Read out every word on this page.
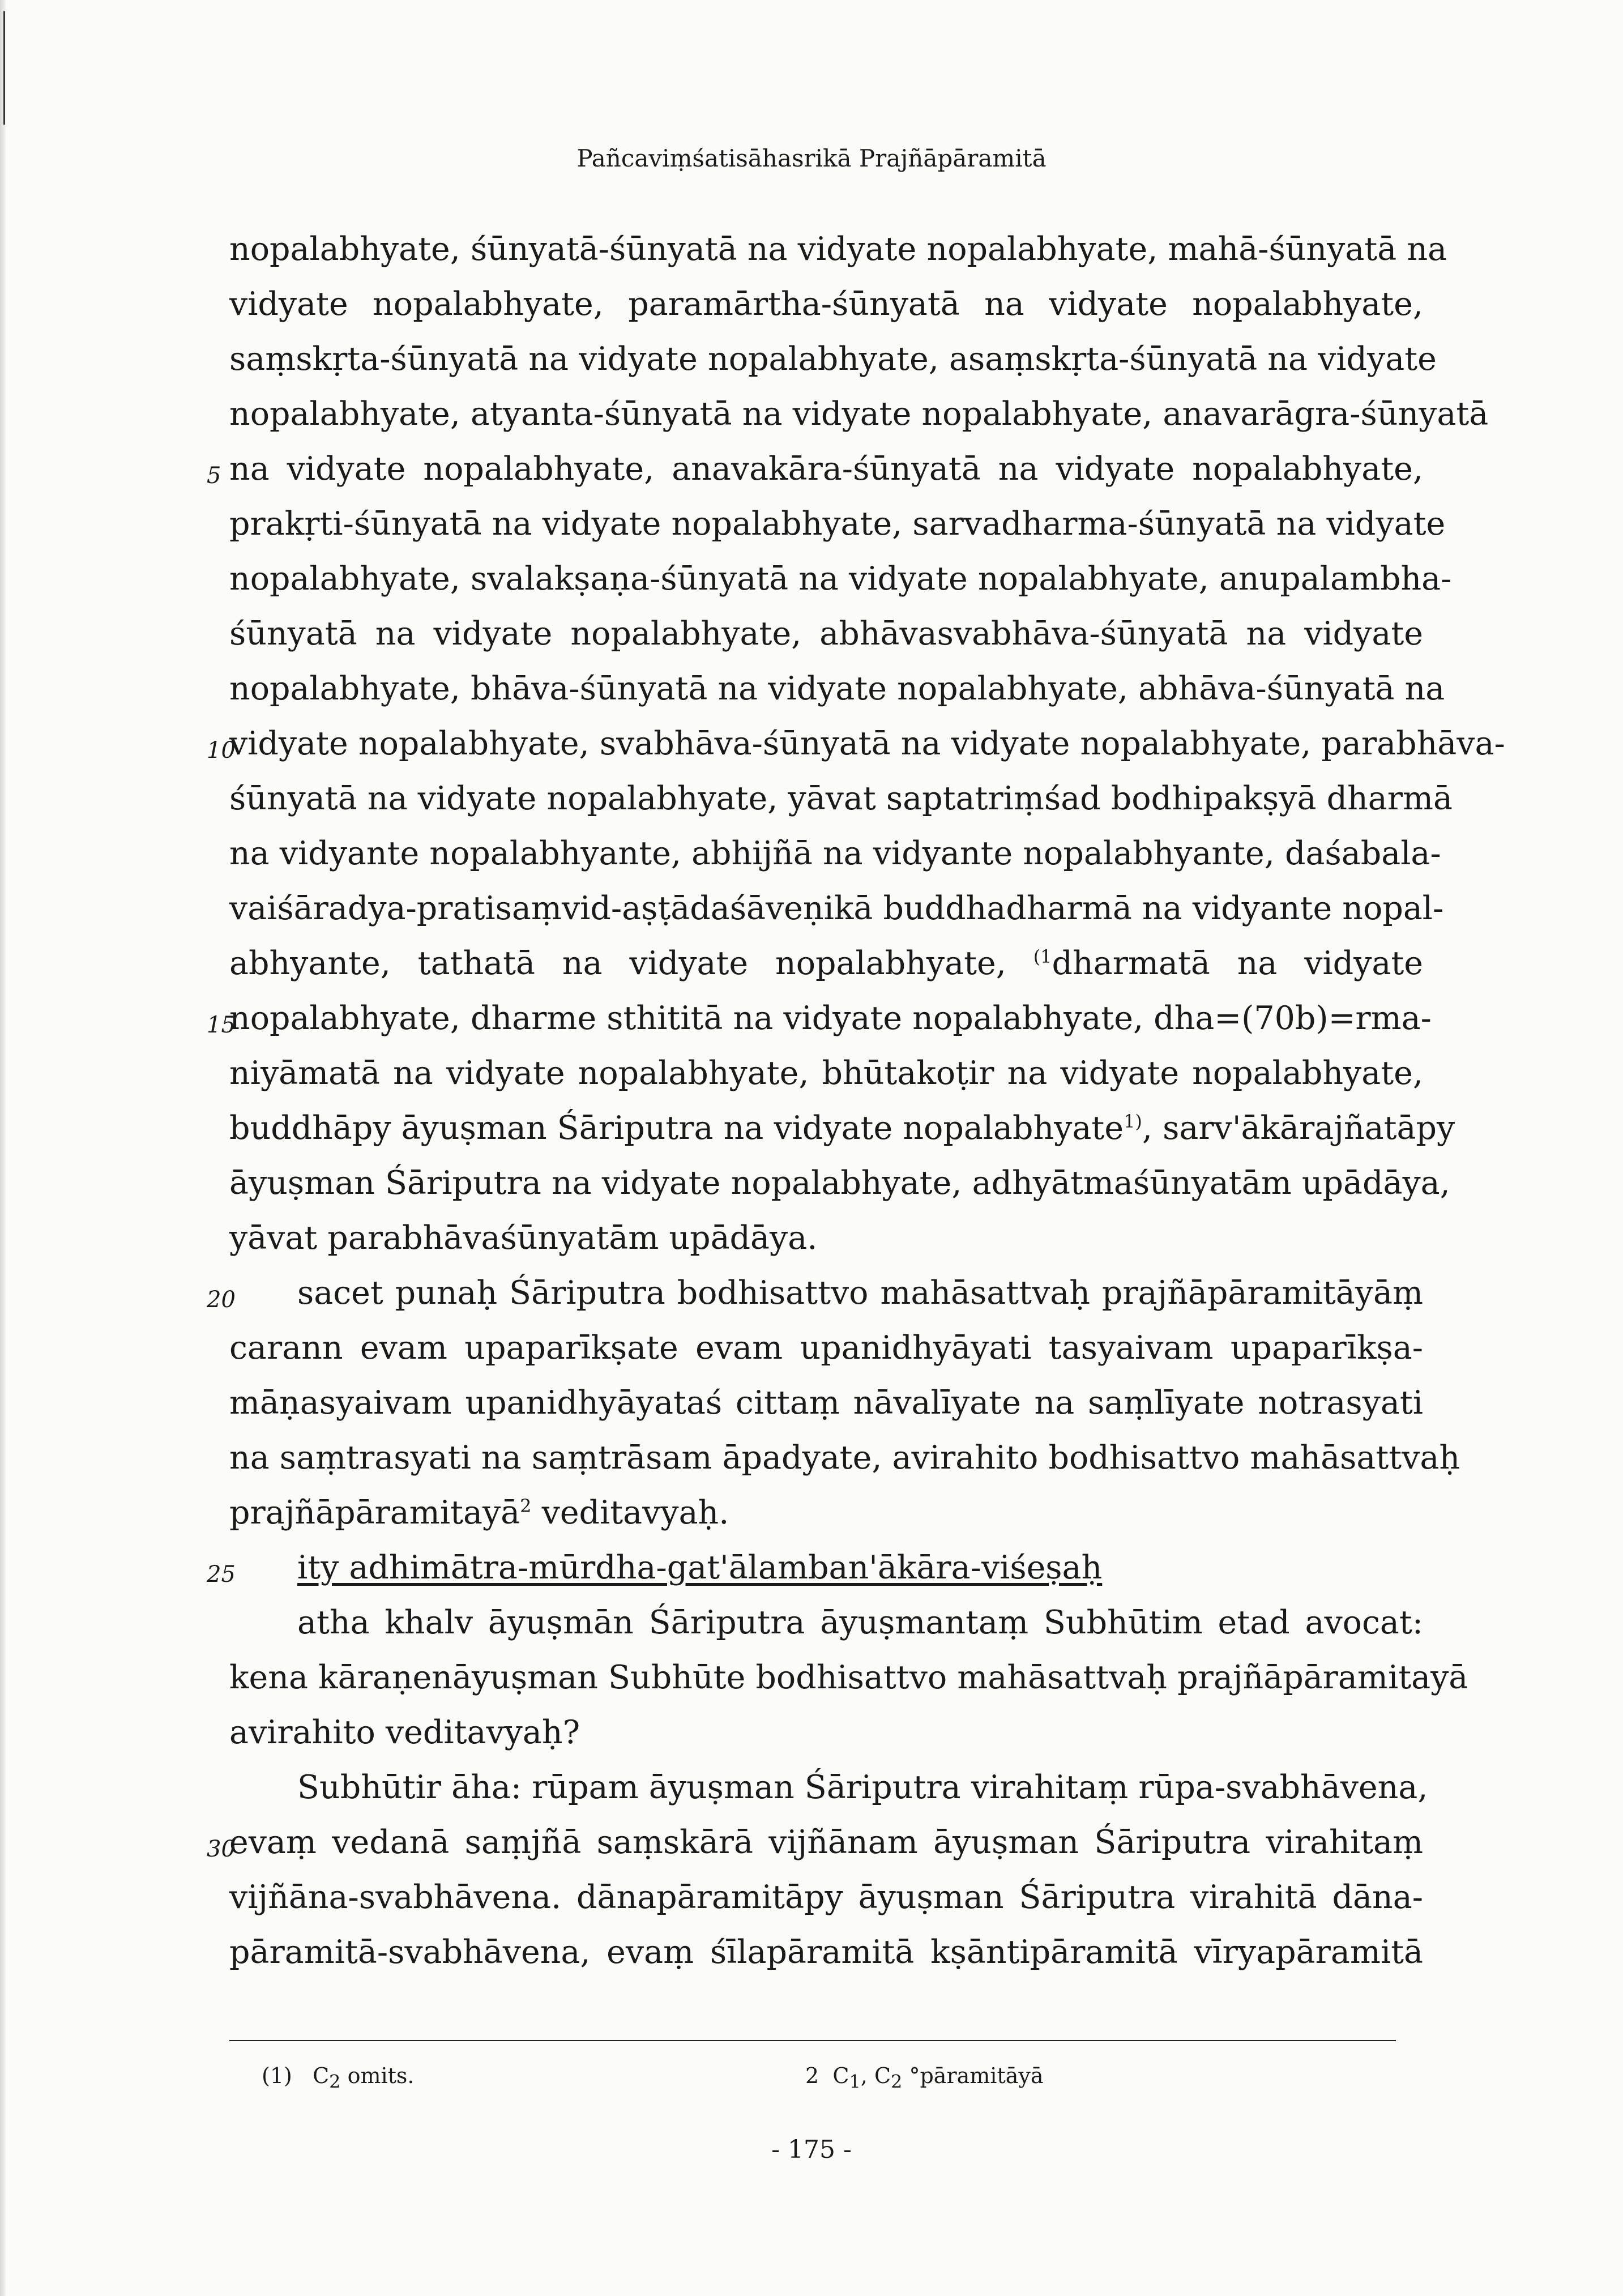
Pañcaviṃśatisāhasrikā Prajñāpāramitā
5
10
15
20
25
30
nopalabhyate, śūnyatā-śūnyatā na vidyate nopalabhyate, mahā-śūnyatā na
vidyate nopalabhyate, paramārtha-śūnyatā na vidyate nopalabhyate,
saṃskṛta-śūnyatā na vidyate nopalabhyate, asaṃskṛta-śūnyatā na vidyate
nopalabhyate, atyanta-śūnyatā na vidyate nopalabhyate, anavarāgra-śūnyatā
na vidyate nopalabhyate, anavakāra-śūnyatā na vidyate nopalabhyate,
prakṛti-śūnyatā na vidyate nopalabhyate, sarvadharma-śūnyatā na vidyate
nopalabhyate, svalakṣaṇa-śūnyatā na vidyate nopalabhyate, anupalambha-
śūnyatā na vidyate nopalabhyate, abhāvasvabhāva-śūnyatā na vidyate
nopalabhyate, bhāva-śūnyatā na vidyate nopalabhyate, abhāva-śūnyatā na
vidyate nopalabhyate, svabhāva-śūnyatā na vidyate nopalabhyate, parabhāva-
śūnyatā na vidyate nopalabhyate, yāvat saptatriṃśad bodhipakṣyā dharmā
na vidyante nopalabhyante, abhijñā na vidyante nopalabhyante, daśabala-
vaiśāradya-pratisaṃvid-aṣṭādaśāveṇikā buddhadharmā na vidyante nopal-
abhyante, tathatā na vidyate nopalabhyate, $^{(1}$dharmatā na vidyate
nopalabhyate, dharme sthititā na vidyate nopalabhyate, dha=(70b)=rma-
niyāmatā na vidyate nopalabhyate, bhūtakoṭir na vidyate nopalabhyate,
buddhāpy āyuṣman Śāriputra na vidyate nopalabhyate$^{1)}$, sarv'ākārajñatāpy
āyuṣman Śāriputra na vidyate nopalabhyate, adhyātmaśūnyatām upādāya,
yāvat parabhāvaśūnyatām upādāya.
sacet punaḥ Śāriputra bodhisattvo mahāsattvaḥ prajñāpāramitāyāṃ
carann evam upaparīkṣate evam upanidhyāyati tasyaivam upaparīkṣa-
māṇasyaivam upanidhyāyataś cittaṃ nāvalīyate na saṃlīyate notrasyati
na saṃtrasyati na saṃtrāsam āpadyate, avirahito bodhisattvo mahāsattvaḥ
prajñāpāramitayā$^2$ veditavyaḥ.
ity adhimātra-mūrdha-gat'ālamban'ākāra-viśeṣaḥ
atha khalv āyuṣmān Śāriputra āyuṣmantaṃ Subhūtim etad avocat:
kena kāraṇenāyuṣman Subhūte bodhisattvo mahāsattvaḥ prajñāpāramitayā
avirahito veditavyaḥ?
Subhūtir āha: rūpam āyuṣman Śāriputra virahitaṃ rūpa-svabhāvena,
evaṃ vedanā saṃjñā saṃskārā vijñānam āyuṣman Śāriputra virahitaṃ
vijñāna-svabhāvena. dānapāramitāpy āyuṣman Śāriputra virahitā dāna-
pāramitā-svabhāvena, evaṃ śīlapāramitā kṣāntipāramitā vīryapāramitā
(1) $C_2$ omits.	2 $C_1$, $C_2$ °pāramitāyā
- 175 -
